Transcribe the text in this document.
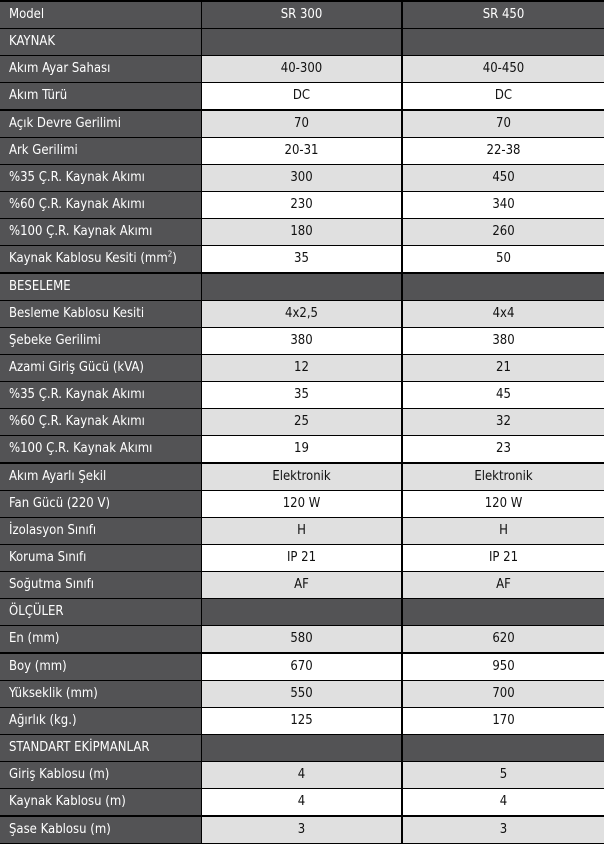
Model	SR 300	SR 450
KAYNAK
Akım Ayar Sahası	40-300	40-450
Akım Türü	DC	DC
Açık Devre Gerilimi	70	70
Ark Gerilimi	20-31	22-38
%35 Ç.R. Kaynak Akımı	300	450
%60 Ç.R. Kaynak Akımı	230	340
%100 Ç.R. Kaynak Akımı	180	260
Kaynak Kablosu Kesiti $(mm^2)$	35	50
BESELEME
Besleme Kablosu Kesiti	4x2,5	4x4
Şebeke Gerilimi	380	380
Azami Giriş Gücü (kVA)	12	21
%35 Ç.R. Kaynak Akımı	35	45
%60 Ç.R. Kaynak Akımı	25	32
%100 Ç.R. Kaynak Akımı	19	23
Akım Ayarlı Şekil	Elektronik	Elektronik
Fan Gücü (220 V)	120 W	120 W
İzolasyon Sınıfı	H	H
Koruma Sınıfı	IP 21	IP 21
Soğutma Sınıfı	AF	AF
ÖLÇÜLER
En (mm)	580	620
Boy (mm)	670	950
Yükseklik (mm)	550	700
Ağırlık (kg.)	125	170
STANDART EKİPMANLAR
Giriş Kablosu (m)	4	5
Kaynak Kablosu (m)	4	4
Şase Kablosu (m)	3	3
